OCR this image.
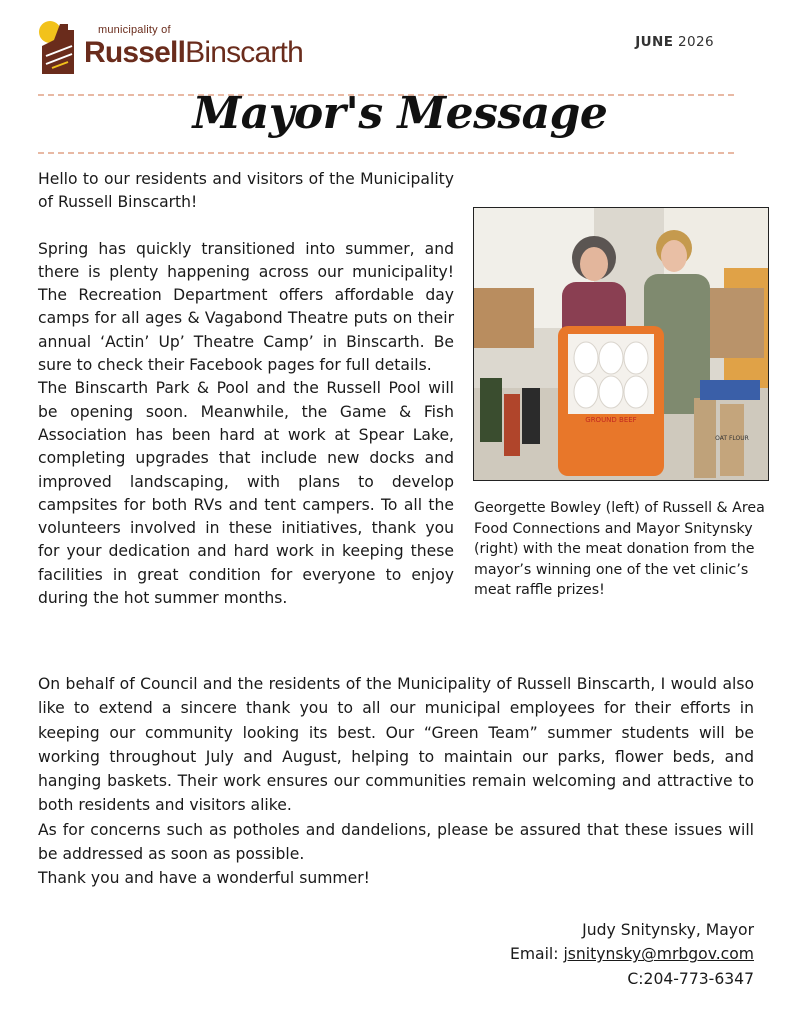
municipality of
RussellBinscarth	JUNE 2026
Mayor's Message

Hello to our residents and visitors of the Municipality of Russell Binscarth!

Spring has quickly transitioned into summer, and there is plenty happening across our municipality! The Recreation Department offers affordable day camps for all ages & Vagabond Theatre puts on their annual ‘Actin’ Up’ Theatre Camp’ in Binscarth. Be sure to check their Facebook pages for full details.

The Binscarth Park & Pool and the Russell Pool will be opening soon. Meanwhile, the Game & Fish Association has been hard at work at Spear Lake, completing upgrades that include new docks and improved landscaping, with plans to develop campsites for both RVs and tent campers. To all the volunteers involved in these initiatives, thank you for your dedication and hard work in keeping these facilities in great condition for everyone to enjoy during the hot summer months.

GROUND BEEF
OAT FLOUR
Georgette Bowley (left) of Russell & Area Food Connections and Mayor Snitynsky (right) with the meat donation from the mayor’s winning one of the vet clinic’s meat raffle prizes!

On behalf of Council and the residents of the Municipality of Russell Binscarth, I would also like to extend a sincere thank you to all our municipal employees for their efforts in keeping our community looking its best. Our “Green Team” summer students will be working throughout July and August, helping to maintain our parks, flower beds, and hanging baskets. Their work ensures our communities remain welcoming and attractive to both residents and visitors alike.

As for concerns such as potholes and dandelions, please be assured that these issues will be addressed as soon as possible.

Thank you and have a wonderful summer!

Judy Snitynsky, Mayor
Email: jsnitynsky@mrbgov.com
C:204-773-6347
